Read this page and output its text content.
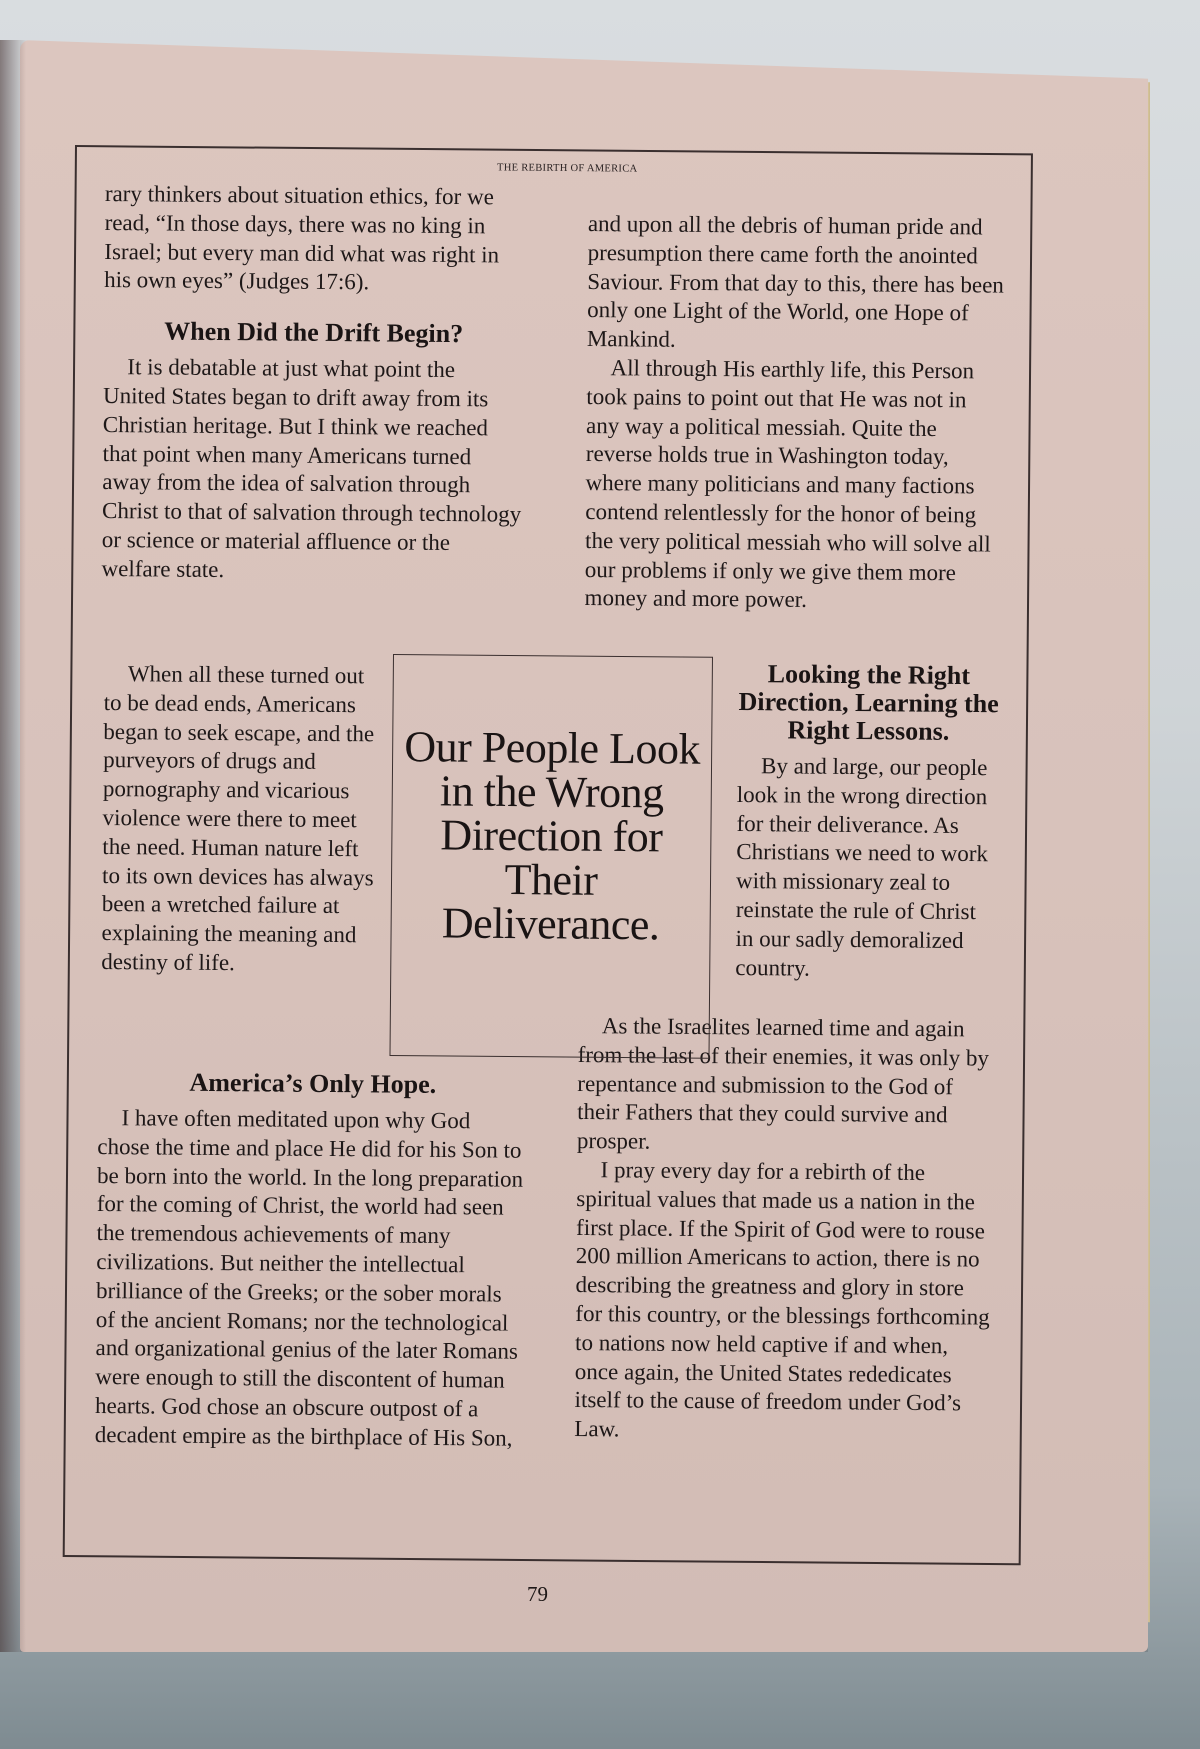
THE REBIRTH OF AMERICA

rary thinkers about situation ethics, for we read, “In those days, there was no king in Israel; but every man did what was right in his own eyes” (Judges 17:6).

When Did the Drift Begin?

It is debatable at just what point the United States began to drift away from its Christian heritage. But I think we reached that point when many Americans turned away from the idea of salvation through Christ to that of salvation through technology or science or material affluence or the welfare state.

When all these turned out to be dead ends, Americans began to seek escape, and the purveyors of drugs and pornography and vicarious violence were there to meet the need. Human nature left to its own devices has always been a wretched failure at explaining the meaning and destiny of life.

America’s Only Hope.

I have often meditated upon why God chose the time and place He did for his Son to be born into the world. In the long preparation for the coming of Christ, the world had seen the tremendous achievements of many civilizations. But neither the intellectual brilliance of the Greeks; or the sober morals of the ancient Romans; nor the technological and organizational genius of the later Romans were enough to still the discontent of human hearts. God chose an obscure outpost of a decadent empire as the birthplace of His Son,

and upon all the debris of human pride and presumption there came forth the anointed Saviour. From that day to this, there has been only one Light of the World, one Hope of Mankind.

All through His earthly life, this Person took pains to point out that He was not in any way a political messiah. Quite the reverse holds true in Washington today, where many politicians and many factions contend relentlessly for the honor of being the very political messiah who will solve all our problems if only we give them more money and more power.

Looking the Right Direction, Learning the Right Lessons.

By and large, our people look in the wrong direction for their deliverance. As Christians we need to work with missionary zeal to reinstate the rule of Christ in our sadly demoralized country.

As the Israelites learned time and again from the last of their enemies, it was only by repentance and submission to the God of their Fathers that they could survive and prosper.

I pray every day for a rebirth of the spiritual values that made us a nation in the first place. If the Spirit of God were to rouse 200 million Americans to action, there is no describing the greatness and glory in store for this country, or the blessings forthcoming to nations now held captive if and when, once again, the United States rededicates itself to the cause of freedom under God’s Law.

Our People Look in the Wrong Direction for Their Deliverance.
79
